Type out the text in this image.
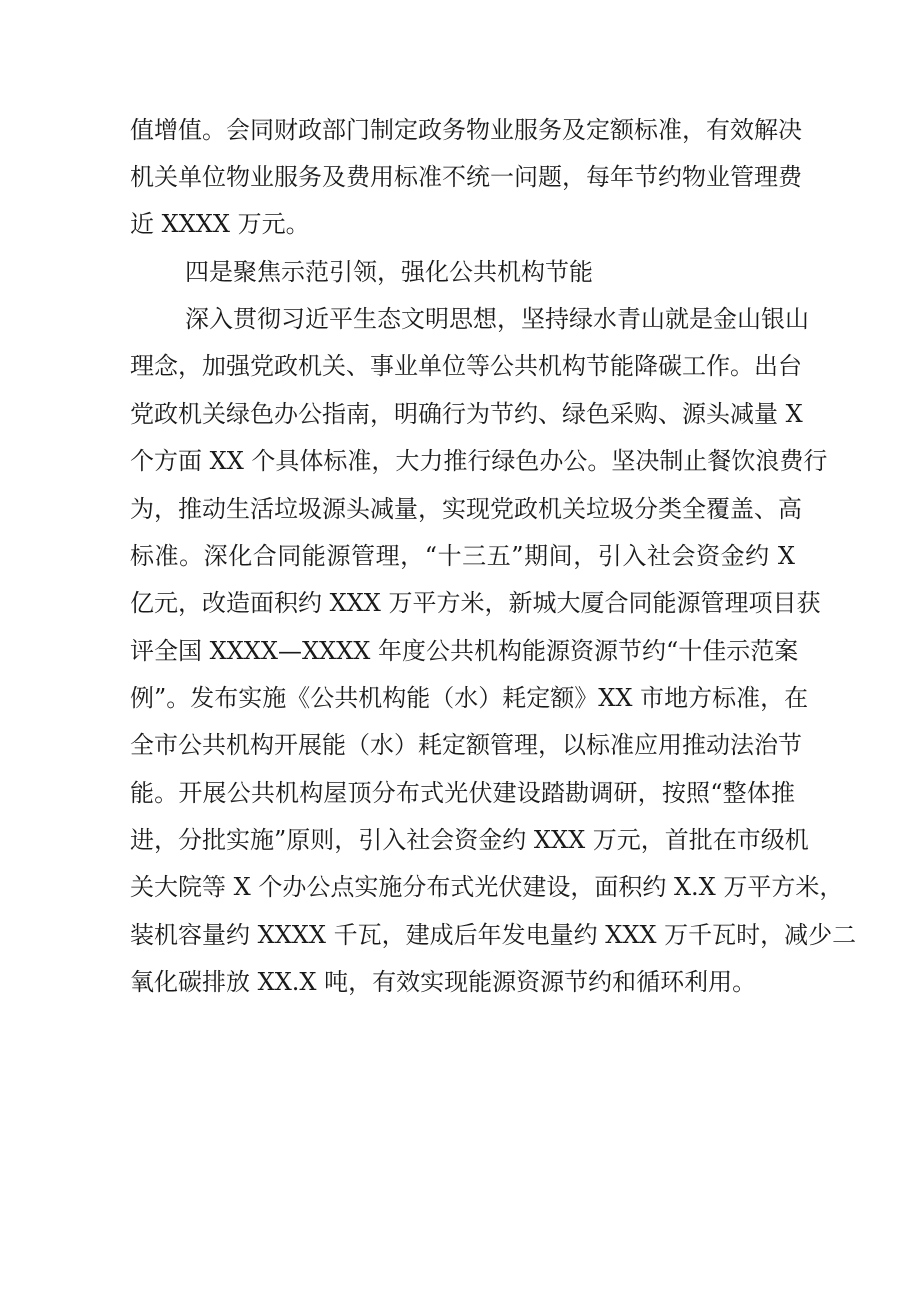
值增值。会同财政部门制定政务物业服务及定额标准，有效解决
机关单位物业服务及费用标准不统一问题，每年节约物业管理费
近 XXXX 万元。
四是聚焦示范引领，强化公共机构节能
深入贯彻习近平生态文明思想，坚持绿水青山就是金山银山
理念，加强党政机关、事业单位等公共机构节能降碳工作。出台
党政机关绿色办公指南，明确行为节约、绿色采购、源头减量 X
个方面 XX 个具体标准，大力推行绿色办公。坚决制止餐饮浪费行
为，推动生活垃圾源头减量，实现党政机关垃圾分类全覆盖、高
标准。深化合同能源管理，“十三五”期间，引入社会资金约 X
亿元，改造面积约 XXX 万平方米，新城大厦合同能源管理项目获
评全国 XXXX—XXXX 年度公共机构能源资源节约“十佳示范案
例”。发布实施《公共机构能（水）耗定额》XX 市地方标准，在
全市公共机构开展能（水）耗定额管理，以标准应用推动法治节
能。开展公共机构屋顶分布式光伏建设踏勘调研，按照“整体推
进，分批实施”原则，引入社会资金约 XXX 万元，首批在市级机
关大院等 X 个办公点实施分布式光伏建设，面积约 X.X 万平方米，
装机容量约 XXXX 千瓦，建成后年发电量约 XXX 万千瓦时，减少二
氧化碳排放 XX.X 吨，有效实现能源资源节约和循环利用。
